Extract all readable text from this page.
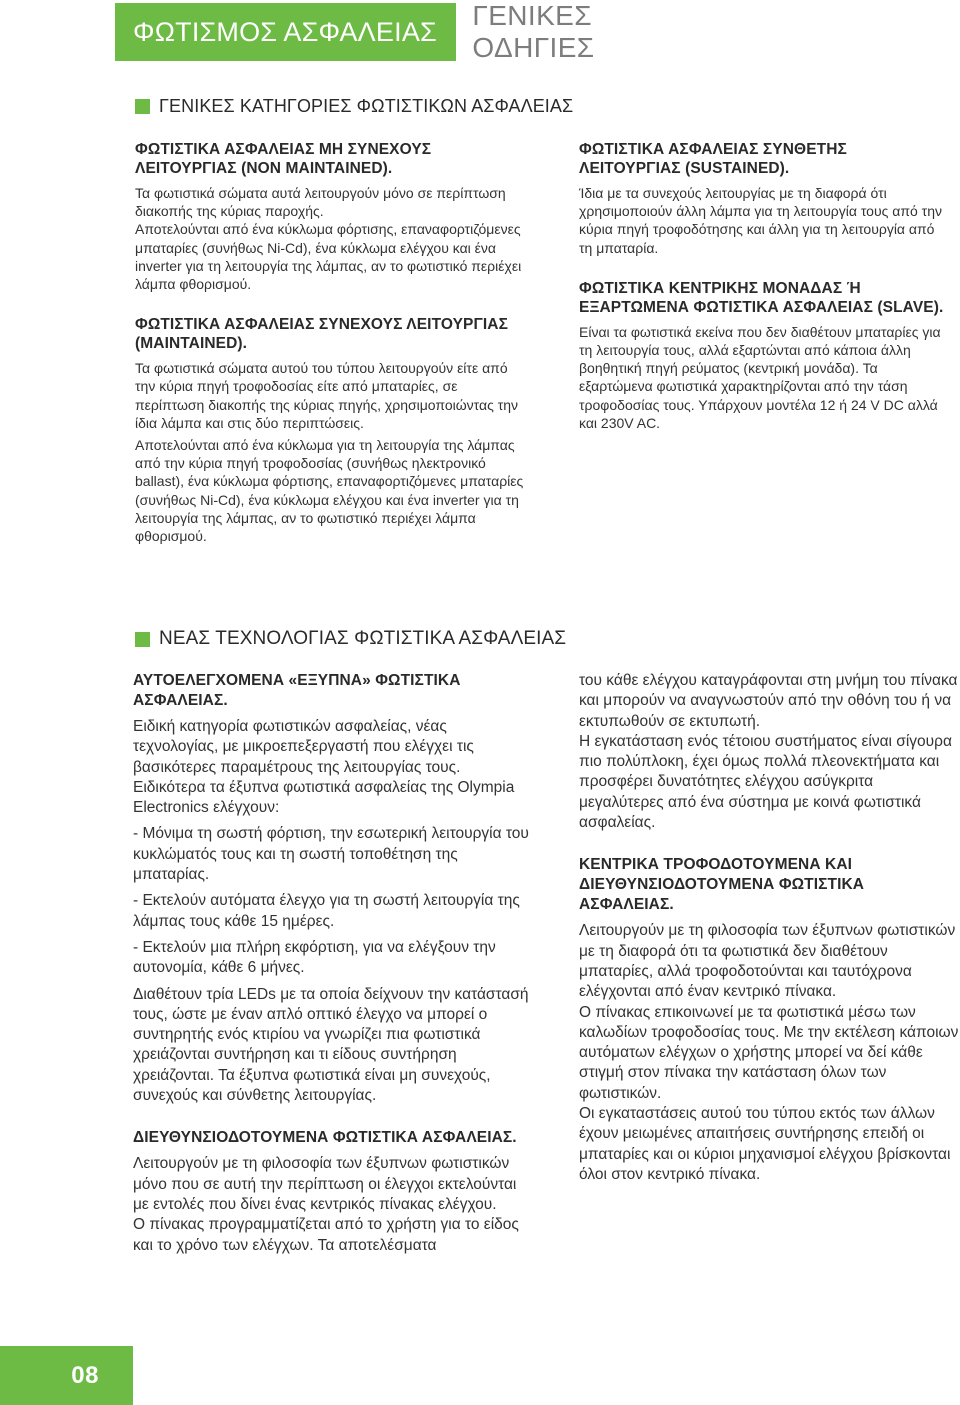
ΦΩΤΙΣΜΟΣ ΑΣΦΑΛΕΙΑΣ
ΓΕΝΙΚΕΣ ΟΔΗΓΙΕΣ
ΓΕΝΙΚΕΣ ΚΑΤΗΓΟΡΙΕΣ ΦΩΤΙΣΤΙΚΩΝ ΑΣΦΑΛΕΙΑΣ
ΦΩΤΙΣΤΙΚΑ ΑΣΦΑΛΕΙΑΣ ΜΗ ΣΥΝΕΧΟΥΣ ΛΕΙΤΟΥΡΓΙΑΣ (NON MAINTAINED).

Τα φωτιστικά σώματα αυτά λειτουργούν μόνο σε περίπτωση διακοπής της κύριας παροχής.

Αποτελούνται από ένα κύκλωμα φόρτισης, επαναφορτιζόμενες μπαταρίες (συνήθως Ni-Cd), ένα κύκλωμα ελέγχου και ένα inverter για τη λειτουργία της λάμπας, αν το φωτιστικό περιέχει λάμπα φθορισμού.

ΦΩΤΙΣΤΙΚΑ ΑΣΦΑΛΕΙΑΣ ΣΥΝΕΧΟΥΣ ΛΕΙΤΟΥΡΓΙΑΣ (MAINTAINED).

Τα φωτιστικά σώματα αυτού του τύπου λειτουργούν είτε από την κύρια πηγή τροφοδοσίας είτε από μπαταρίες, σε περίπτωση διακοπής της κύριας πηγής, χρησιμοποιώντας την ίδια λάμπα και στις δύο περιπτώσεις.

Αποτελούνται από ένα κύκλωμα για τη λειτουργία της λάμπας από την κύρια πηγή τροφοδοσίας (συνήθως ηλεκτρονικό ballast), ένα κύκλωμα φόρτισης, επαναφορτιζόμενες μπαταρίες (συνήθως Ni-Cd), ένα κύκλωμα ελέγχου και ένα inverter για τη λειτουργία της λάμπας, αν το φωτιστικό περιέχει λάμπα φθορισμού.

ΦΩΤΙΣΤΙΚΑ ΑΣΦΑΛΕΙΑΣ ΣΥΝΘΕΤΗΣ ΛΕΙΤΟΥΡΓΙΑΣ (SUSTAINED).

Ίδια με τα συνεχούς λειτουργίας με τη διαφορά ότι χρησιμοποιούν άλλη λάμπα για τη λειτουργία τους από την κύρια πηγή τροφοδότησης και άλλη για τη λειτουργία από τη μπαταρία.

ΦΩΤΙΣΤΙΚΑ ΚΕΝΤΡΙΚΗΣ ΜΟΝΑΔΑΣ Ή ΕΞΑΡΤΩΜΕΝΑ ΦΩΤΙΣΤΙΚΑ ΑΣΦΑΛΕΙΑΣ (SLAVE).

Είναι τα φωτιστικά εκείνα που δεν διαθέτουν μπαταρίες για τη λειτουργία τους, αλλά εξαρτώνται από κάποια άλλη βοηθητική πηγή ρεύματος (κεντρική μονάδα). Τα εξαρτώμενα φωτιστικά χαρακτηρίζονται από την τάση τροφοδοσίας τους. Υπάρχουν μοντέλα 12 ή 24 V DC αλλά και 230V AC.

ΝΕΑΣ ΤΕΧΝΟΛΟΓΙΑΣ ΦΩΤΙΣΤΙΚΑ ΑΣΦΑΛΕΙΑΣ
ΑΥΤΟΕΛΕΓΧΟΜΕΝΑ «ΕΞΥΠΝΑ» ΦΩΤΙΣΤΙΚΑ ΑΣΦΑΛΕΙΑΣ.

Ειδική κατηγορία φωτιστικών ασφαλείας, νέας τεχνολογίας, με μικροεπεξεργαστή που ελέγχει τις βασικότερες παραμέτρους της λειτουργίας τους.

Ειδικότερα τα έξυπνα φωτιστικά ασφαλείας της Olympia Electronics ελέγχουν:

- Μόνιμα τη σωστή φόρτιση, την εσωτερική λειτουργία του κυκλώματός τους και τη σωστή τοποθέτηση της μπαταρίας.

- Εκτελούν αυτόματα έλεγχο για τη σωστή λειτουργία της λάμπας τους κάθε 15 ημέρες.

- Εκτελούν μια πλήρη εκφόρτιση, για να ελέγξουν την αυτονομία, κάθε 6 μήνες.

Διαθέτουν τρία LEDs με τα οποία δείχνουν την κατάστασή τους, ώστε με έναν απλό οπτικό έλεγχο να μπορεί ο συντηρητής ενός κτιρίου να γνωρίζει πια φωτιστικά χρειάζονται συντήρηση και τι είδους συντήρηση χρειάζονται. Τα έξυπνα φωτιστικά είναι μη συνεχούς, συνεχούς και σύνθετης λειτουργίας.

ΔΙΕΥΘΥΝΣΙΟΔΟΤΟΥΜΕΝΑ ΦΩΤΙΣΤΙΚΑ ΑΣΦΑΛΕΙΑΣ.

Λειτουργούν με τη φιλοσοφία των έξυπνων φωτιστικών μόνο που σε αυτή την περίπτωση οι έλεγχοι εκτελούνται με εντολές που δίνει ένας κεντρικός πίνακας ελέγχου.

Ο πίνακας προγραμματίζεται από το χρήστη για το είδος και το χρόνο των ελέγχων. Τα αποτελέσματα

του κάθε ελέγχου καταγράφονται στη μνήμη του πίνακα και μπορούν να αναγνωστούν από την οθόνη του ή να εκτυπωθούν σε εκτυπωτή.

Η εγκατάσταση ενός τέτοιου συστήματος είναι σίγουρα πιο πολύπλοκη, έχει όμως πολλά πλεονεκτήματα και προσφέρει δυνατότητες ελέγχου ασύγκριτα μεγαλύτερες από ένα σύστημα με κοινά φωτιστικά ασφαλείας.

ΚΕΝΤΡΙΚΑ ΤΡΟΦΟΔΟΤΟΥΜΕΝΑ ΚΑΙ ΔΙΕΥΘΥΝΣΙΟΔΟΤΟΥΜΕΝΑ ΦΩΤΙΣΤΙΚΑ ΑΣΦΑΛΕΙΑΣ.

Λειτουργούν με τη φιλοσοφία των έξυπνων φωτιστικών με τη διαφορά ότι τα φωτιστικά δεν διαθέτουν μπαταρίες, αλλά τροφοδοτούνται και ταυτόχρονα ελέγχονται από έναν κεντρικό πίνακα.

Ο πίνακας επικοινωνεί με τα φωτιστικά μέσω των καλωδίων τροφοδοσίας τους. Με την εκτέλεση κάποιων αυτόματων ελέγχων ο χρήστης μπορεί να δεί κάθε στιγμή στον πίνακα την κατάσταση όλων των φωτιστικών.

Οι εγκαταστάσεις αυτού του τύπου εκτός των άλλων έχουν μειωμένες απαιτήσεις συντήρησης επειδή οι μπαταρίες και οι κύριοι μηχανισμοί ελέγχου βρίσκονται όλοι στον κεντρικό πίνακα.

08
